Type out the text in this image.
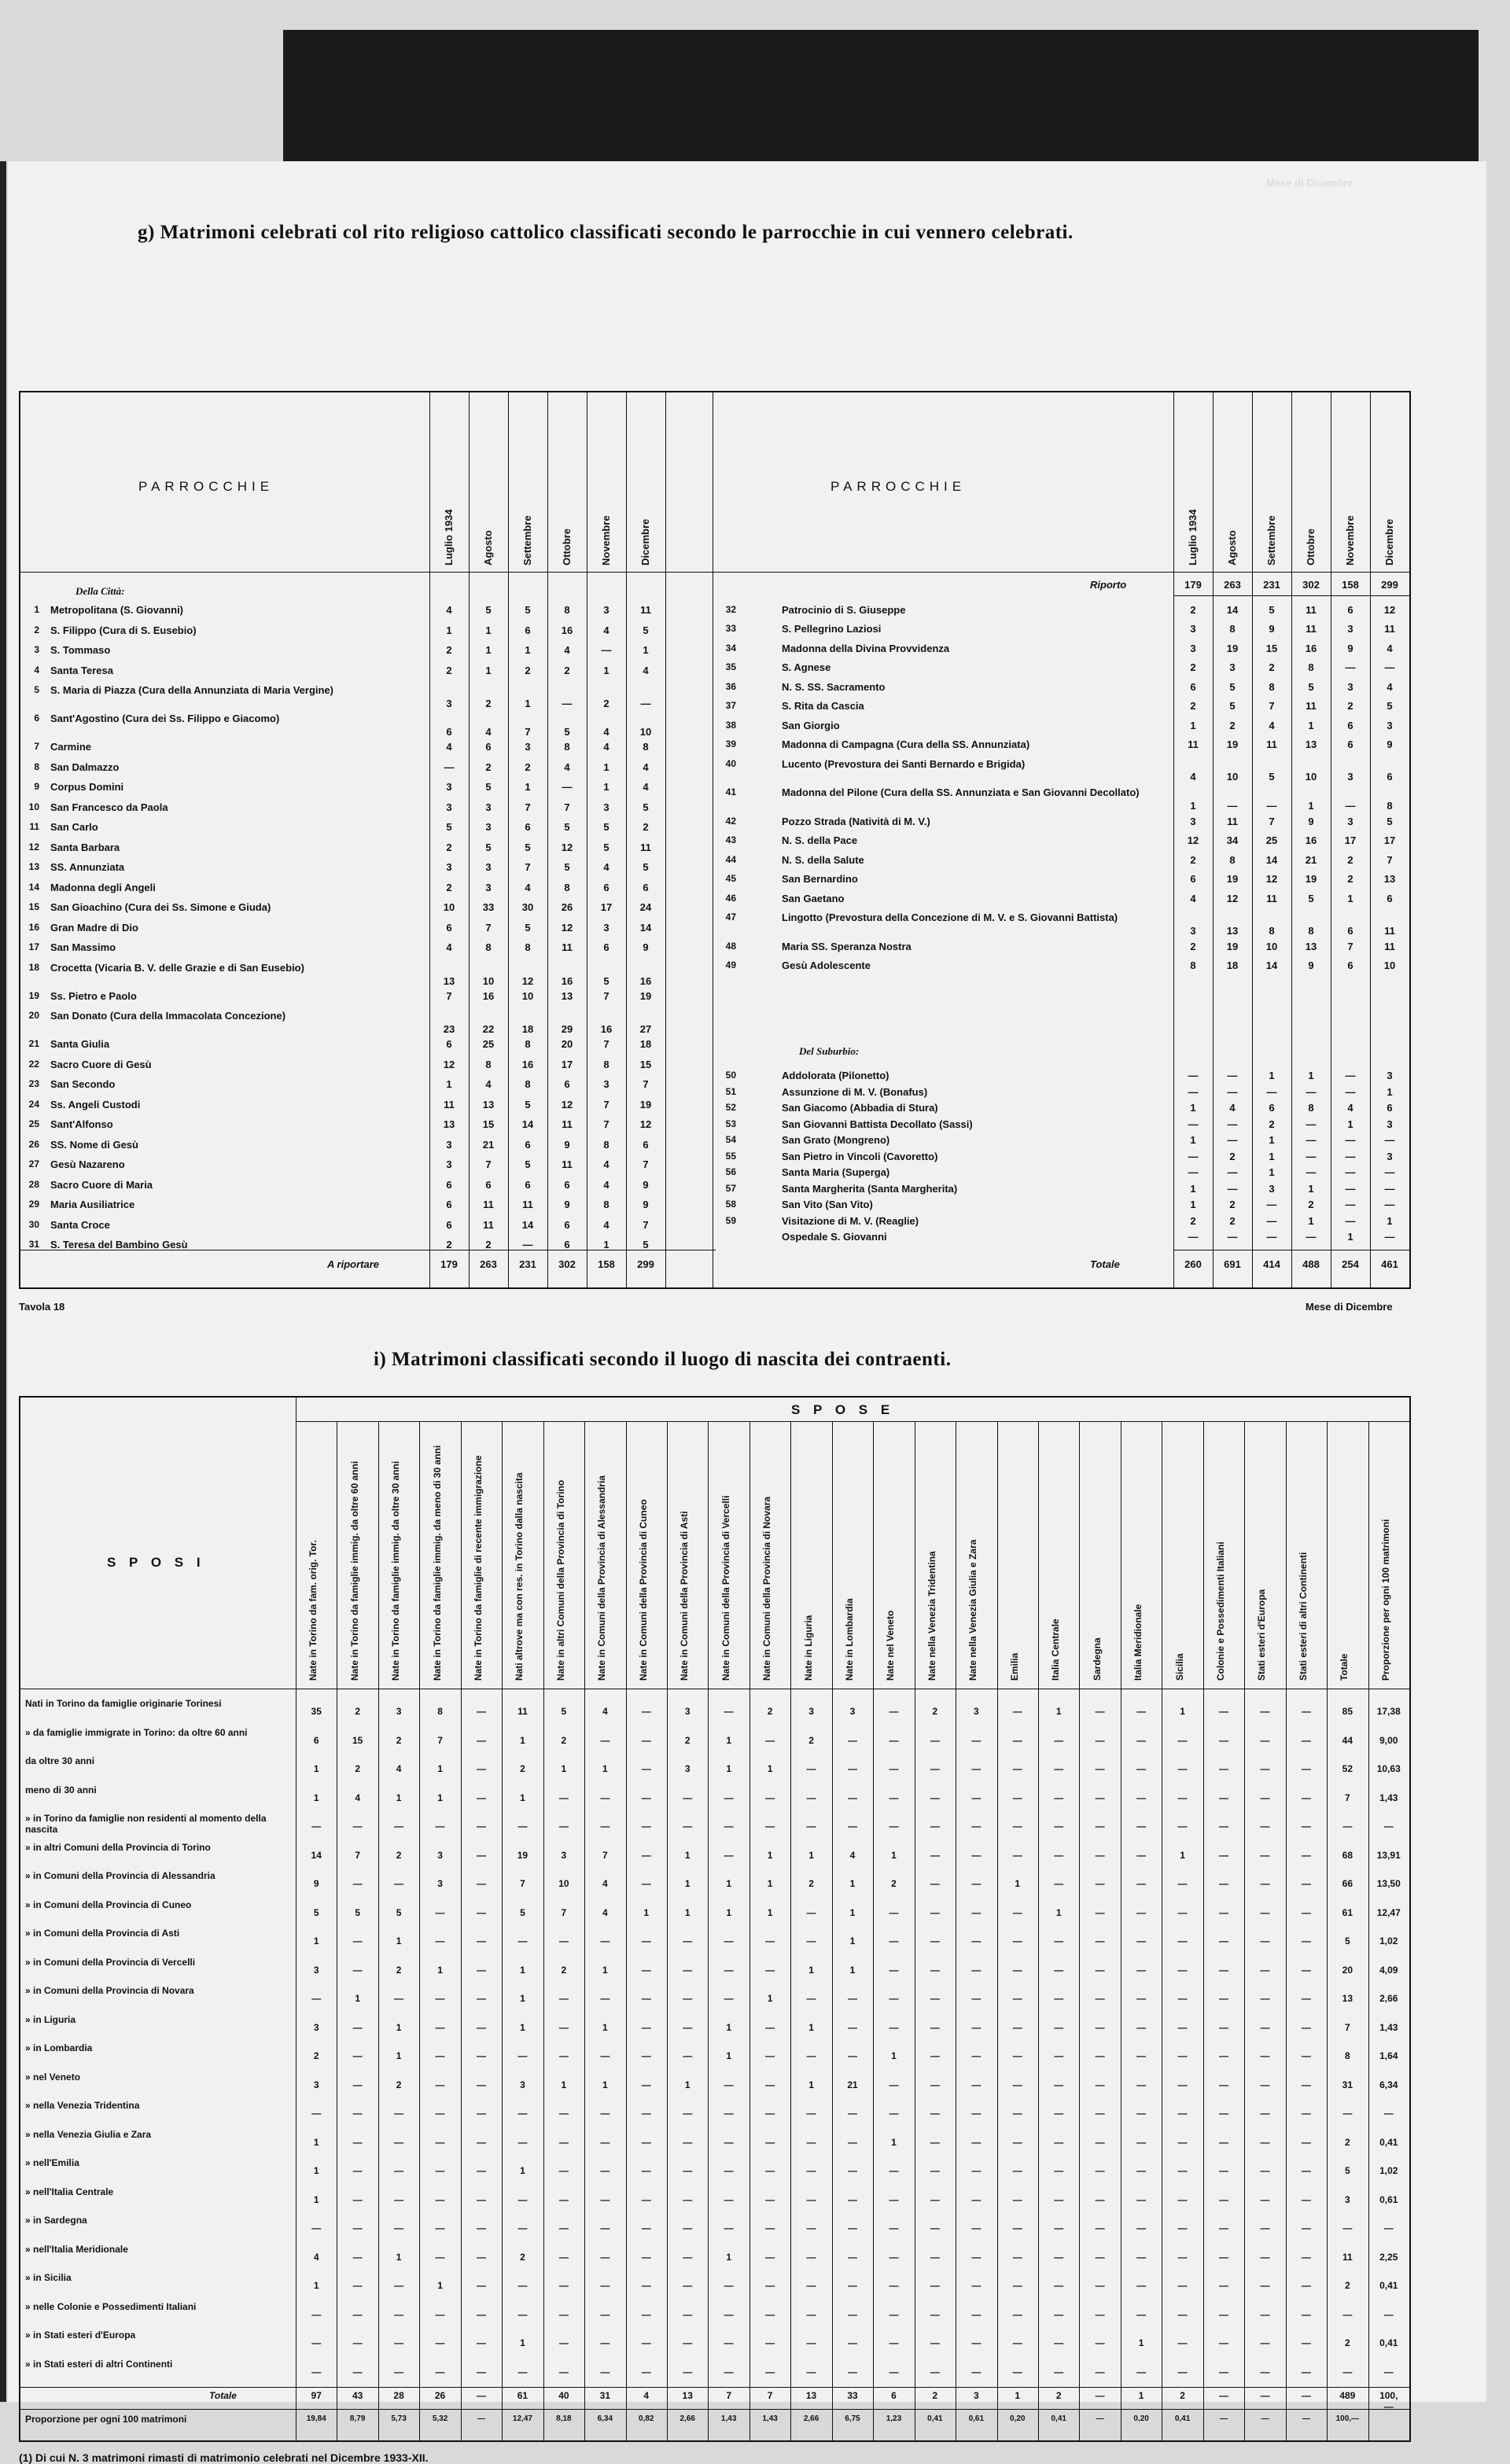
Mese di Dicembre
g) Matrimoni celebrati col rito religioso cattolico classificati secondo le parrocchie in cui vennero celebrati.
PARROCCHIE	PARROCCHIE
Della Città:
Del Suburbio:
Luglio 1934	Luglio 1934
Agosto	Agosto
Settembre	Settembre
Ottobre	Ottobre
Novembre	Novembre
Dicembre	Dicembre
1 Metropolitana (S. Giovanni)	4	5	5	8	3	11
2 S. Filippo (Cura di S. Eusebio)	1	1	6	16	4	5
3 S. Tommaso	2	1	1	4	—	1
4 Santa Teresa	2	1	2	2	1	4
5 S. Maria di Piazza (Cura della Annunziata di Maria Vergine)
3	2	1	—	2	—
6 Sant'Agostino (Cura dei Ss. Filippo e Giacomo)
6	4	7	5	4	10
7 Carmine	4	6	3	8	4	8
8 San Dalmazzo	—	2	2	4	1	4
9 Corpus Domini	3	5	1	—	1	4
10 San Francesco da Paola	3	3	7	7	3	5
11 San Carlo	5	3	6	5	5	2
12 Santa Barbara	2	5	5	12	5	11
13 SS. Annunziata	3	3	7	5	4	5
14 Madonna degli Angeli	2	3	4	8	6	6
15 San Gioachino (Cura dei Ss. Simone e Giuda)	10	33	30	26	17	24
16 Gran Madre di Dio	6	7	5	12	3	14
17 San Massimo	4	8	8	11	6	9
18 Crocetta (Vicaria B. V. delle Grazie e di San Eusebio)
13	10	12	16	5	16
19 Ss. Pietro e Paolo	7	16	10	13	7	19
20 San Donato (Cura della Immacolata Concezione)
23	22	18	29	16	27
21 Santa Giulia	6	25	8	20	7	18
22 Sacro Cuore di Gesù	12	8	16	17	8	15
23 San Secondo	1	4	8	6	3	7
24 Ss. Angeli Custodi	11	13	5	12	7	19
25 Sant'Alfonso	13	15	14	11	7	12
26 SS. Nome di Gesù	3	21	6	9	8	6
27 Gesù Nazareno	3	7	5	11	4	7
28 Sacro Cuore di Maria	6	6	6	6	4	9
29 Maria Ausiliatrice	6	11	11	9	8	9
30 Santa Croce	6	11	14	6	4	7
31 S. Teresa del Bambino Gesù	2	2	—	6	1	5
A riportare	179	263	231	302	158	299
Riporto	179	263	231	302	158	299
32	Patrocinio di S. Giuseppe	2	14	5	11	6	12
33	S. Pellegrino Laziosi	3	8	9	11	3	11
34	Madonna della Divina Provvidenza	3	19	15	16	9	4
35	S. Agnese	2	3	2	8	—	—
36	N. S. SS. Sacramento	6	5	8	5	3	4
37	S. Rita da Cascia	2	5	7	11	2	5
38	San Giorgio	1	2	4	1	6	3
39	Madonna di Campagna (Cura della SS. Annunziata)	11	19	11	13	6	9
40	Lucento (Prevostura dei Santi Bernardo e Brigida)
4	10	5	10	3	6
41	Madonna del Pilone (Cura della SS. Annunziata e San Giovanni Decollato)
1	—	—	1	—	8
42	Pozzo Strada (Natività di M. V.)	3	11	7	9	3	5
43	N. S. della Pace	12	34	25	16	17	17
44	N. S. della Salute	2	8	14	21	2	7
45	San Bernardino	6	19	12	19	2	13
46	San Gaetano	4	12	11	5	1	6
47	Lingotto (Prevostura della Concezione di M. V. e S. Giovanni Battista)
3	13	8	8	6	11
48	Maria SS. Speranza Nostra	2	19	10	13	7	11
49	Gesù Adolescente	8	18	14	9	6	10
50	Addolorata (Pilonetto)	—	—	1	1	—	3
51	Assunzione di M. V. (Bonafus)	—	—	—	—	—	1
52	San Giacomo (Abbadia di Stura)	1	4	6	8	4	6
53	San Giovanni Battista Decollato (Sassi)	—	—	2	—	1	3
54	San Grato (Mongreno)	1	—	1	—	—	—
55	San Pietro in Vincoli (Cavoretto)	—	2	1	—	—	3
56	Santa Maria (Superga)	—	—	1	—	—	—
57	Santa Margherita (Santa Margherita)	1	—	3	1	—	—
58	San Vito (San Vito)	1	2	—	2	—	—
59	Visitazione di M. V. (Reaglie)	2	2	—	1	—	1
Ospedale S. Giovanni	—	—	—	—	1	—
Totale	260	691	414	488	254	461
Tavola 18	Mese di Dicembre
i) Matrimoni classificati secondo il luogo di nascita dei contraenti.
S P O S E
S P O S I	Nate in Torino da fam. orig. Tor.	Nate in Torino da famiglie immig. da oltre 60 anni	Nate in Torino da famiglie immig. da oltre 30 anni	Nate in Torino da famiglie immig. da meno di 30 anni	Nate in Torino da famiglie di recente immigrazione	Nati altrove ma con res. in Torino dalla nascita	Nate in altri Comuni della Provincia di Torino	Nate in Comuni della Provincia di Alessandria	Nate in Comuni della Provincia di Cuneo	Nate in Comuni della Provincia di Asti	Nate in Comuni della Provincia di Vercelli	Nate in Comuni della Provincia di Novara	Nate in Liguria	Nate in Lombardia	Nate nel Veneto	Nate nella Venezia Tridentina	Nate nella Venezia Giulia e Zara	Emilia	Italia Centrale	Sardegna	Italia Meridionale	Sicilia	Colonie e Possedimenti Italiani	Stati esteri d'Europa	Stati esteri di altri Continenti	Totale	Proporzione per ogni 100 matrimoni
Nati in Torino da famiglie originarie Torinesi
35	2	3	8	—	11	5	4	—	3	—	2	3	3	—	2	3	—	1	—	—	1	—	—	—	85	17,38
» da famiglie immigrate in Torino: da oltre 60 anni
6	15	2	7	—	1	2	—	—	2	1	—	2	—	—	—	—	—	—	—	—	—	—	—	—	44	9,00
da oltre 30 anni
1	2	4	1	—	2	1	1	—	3	1	1	—	—	—	—	—	—	—	—	—	—	—	—	—	52	10,63
meno di 30 anni
1	4	1	1	—	1	—	—	—	—	—	—	—	—	—	—	—	—	—	—	—	—	—	—	—	7	1,43
» in Torino da famiglie non residenti al momento della nascita	—	—	—	—	—	—	—	—	—	—	—	—	—	—	—	—	—	—	—	—	—	—	—	—	—	—	—
» in altri Comuni della Provincia di Torino
14	7	2	3	—	19	3	7	—	1	—	1	1	4	1	—	—	—	—	—	—	1	—	—	—	68	13,91
» in Comuni della Provincia di Alessandria
9	—	—	3	—	7	10	4	—	1	1	1	2	1	2	—	—	1	—	—	—	—	—	—	—	66	13,50
» in Comuni della Provincia di Cuneo
5	5	5	—	—	5	7	4	1	1	1	1	—	1	—	—	—	—	1	—	—	—	—	—	—	61	12,47
» in Comuni della Provincia di Asti
1	—	1	—	—	—	—	—	—	—	—	—	—	1	—	—	—	—	—	—	—	—	—	—	—	5	1,02
» in Comuni della Provincia di Vercelli
3	—	2	1	—	1	2	1	—	—	—	—	1	1	—	—	—	—	—	—	—	—	—	—	—	20	4,09
» in Comuni della Provincia di Novara
—	1	—	—	—	1	—	—	—	—	—	1	—	—	—	—	—	—	—	—	—	—	—	—	—	13	2,66
» in Liguria
3	—	1	—	—	1	—	1	—	—	1	—	1	—	—	—	—	—	—	—	—	—	—	—	—	7	1,43
» in Lombardia
2	—	1	—	—	—	—	—	—	—	1	—	—	—	1	—	—	—	—	—	—	—	—	—	—	8	1,64
» nel Veneto
3	—	2	—	—	3	1	1	—	1	—	—	1	21	—	—	—	—	—	—	—	—	—	—	—	31	6,34
» nella Venezia Tridentina
—	—	—	—	—	—	—	—	—	—	—	—	—	—	—	—	—	—	—	—	—	—	—	—	—	—	—
» nella Venezia Giulia e Zara
1	—	—	—	—	—	—	—	—	—	—	—	—	—	1	—	—	—	—	—	—	—	—	—	—	2	0,41
» nell'Emilia
1	—	—	—	—	1	—	—	—	—	—	—	—	—	—	—	—	—	—	—	—	—	—	—	—	5	1,02
» nell'Italia Centrale
1	—	—	—	—	—	—	—	—	—	—	—	—	—	—	—	—	—	—	—	—	—	—	—	—	3	0,61
» in Sardegna
—	—	—	—	—	—	—	—	—	—	—	—	—	—	—	—	—	—	—	—	—	—	—	—	—	—	—
» nell'Italia Meridionale
4	—	1	—	—	2	—	—	—	—	1	—	—	—	—	—	—	—	—	—	—	—	—	—	—	11	2,25
» in Sicilia
1	—	—	1	—	—	—	—	—	—	—	—	—	—	—	—	—	—	—	—	—	—	—	—	—	2	0,41
» nelle Colonie e Possedimenti Italiani
—	—	—	—	—	—	—	—	—	—	—	—	—	—	—	—	—	—	—	—	—	—	—	—	—	—	—
» in Stati esteri d'Europa
—	—	—	—	—	1	—	—	—	—	—	—	—	—	—	—	—	—	—	—	1	—	—	—	—	2	0,41
» in Stati esteri di altri Continenti
—	—	—	—	—	—	—	—	—	—	—	—	—	—	—	—	—	—	—	—	—	—	—	—	—	—	—
Totale	97	43	28	26	—	61	40	31	4	13	7	7	13	33	6	2	3	1	2	—	1	2	—	—	—	489	100,—
Proporzione per ogni 100 matrimoni	19,84	8,79	5,73	5,32	—	12,47	8,18	6,34	0,82	2,66	1,43	1,43	2,66	6,75	1,23	0,41	0,61	0,20	0,41	—	0,20	0,41	—	—	—	100,—
(1) Di cui N. 3 matrimoni rimasti di matrimonio celebrati nel Dicembre 1933-XII.
